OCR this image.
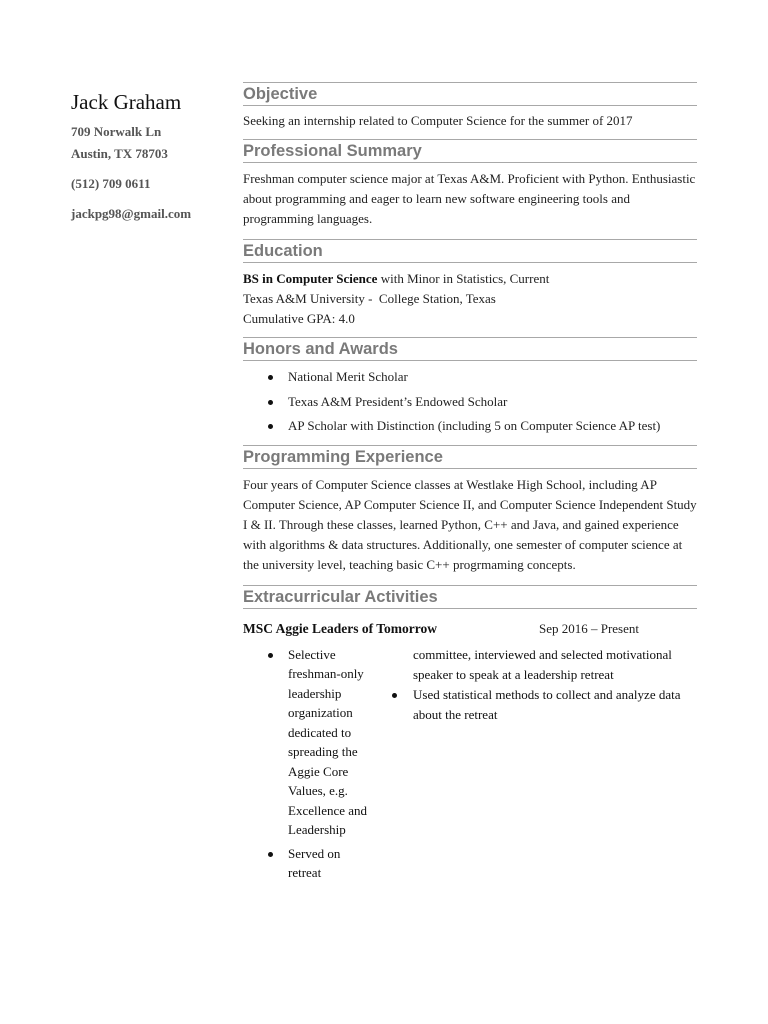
Jack Graham
709 Norwalk Ln
Austin, TX 78703
(512) 709 0611
jackpg98@gmail.com
Objective
Seeking an internship related to Computer Science for the summer of 2017
Professional Summary
Freshman computer science major at Texas A&M. Proficient with Python. Enthusiastic about programming and eager to learn new software engineering tools and programming languages.
Education
BS in Computer Science with Minor in Statistics, Current
Texas A&M University -  College Station, Texas
Cumulative GPA: 4.0
Honors and Awards
National Merit Scholar
Texas A&M President’s Endowed Scholar
AP Scholar with Distinction (including 5 on Computer Science AP test)
Programming Experience
Four years of Computer Science classes at Westlake High School, including AP Computer Science, AP Computer Science II, and Computer Science Independent Study I & II. Through these classes, learned Python, C++ and Java, and gained experience with algorithms & data structures. Additionally, one semester of computer science at the university level, teaching basic C++ progrmaming concepts.
Extracurricular Activities
MSC Aggie Leaders of Tomorrow	Sep 2016 – Present
Selective freshman-only leadership organization dedicated to spreading the Aggie Core Values, e.g. Excellence and Leadership
Served on retreat
committee, interviewed and selected motivational speaker to speak at a leadership retreat
Used statistical methods to collect and analyze data about the retreat
